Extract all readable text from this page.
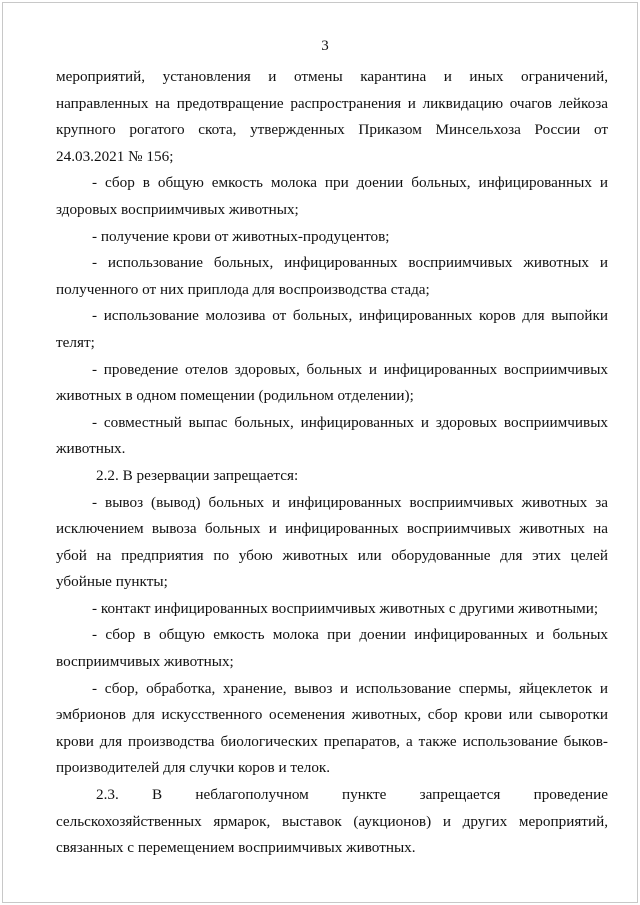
3

мероприятий, установления и отмены карантина и иных ограничений, направленных на предотвращение распространения и ликвидацию очагов лейкоза крупного рогатого скота, утвержденных Приказом Минсельхоза России от 24.03.2021 № 156;

- сбор в общую емкость молока при доении больных, инфицированных и здоровых восприимчивых животных;

- получение крови от животных-продуцентов;

- использование больных, инфицированных восприимчивых животных и полученного от них приплода для воспроизводства стада;

- использование молозива от больных, инфицированных коров для выпойки телят;

- проведение отелов здоровых, больных и инфицированных восприимчивых животных в одном помещении (родильном отделении);

- совместный выпас больных, инфицированных и здоровых восприимчивых животных.

2.2. В резервации запрещается:

- вывоз (вывод) больных и инфицированных восприимчивых животных за исключением вывоза больных и инфицированных восприимчивых животных на убой на предприятия по убою животных или оборудованные для этих целей убойные пункты;

- контакт инфицированных восприимчивых животных с другими животными;

- сбор в общую емкость молока при доении инфицированных и больных восприимчивых животных;

- сбор, обработка, хранение, вывоз и использование спермы, яйцеклеток и эмбрионов для искусственного осеменения животных, сбор крови или сыворотки крови для производства биологических препаратов, а также использование быков-производителей для случки коров и телок.

2.3. В неблагополучном пункте запрещается проведение сельскохозяйственных ярмарок, выставок (аукционов) и других мероприятий, связанных с перемещением восприимчивых животных.
